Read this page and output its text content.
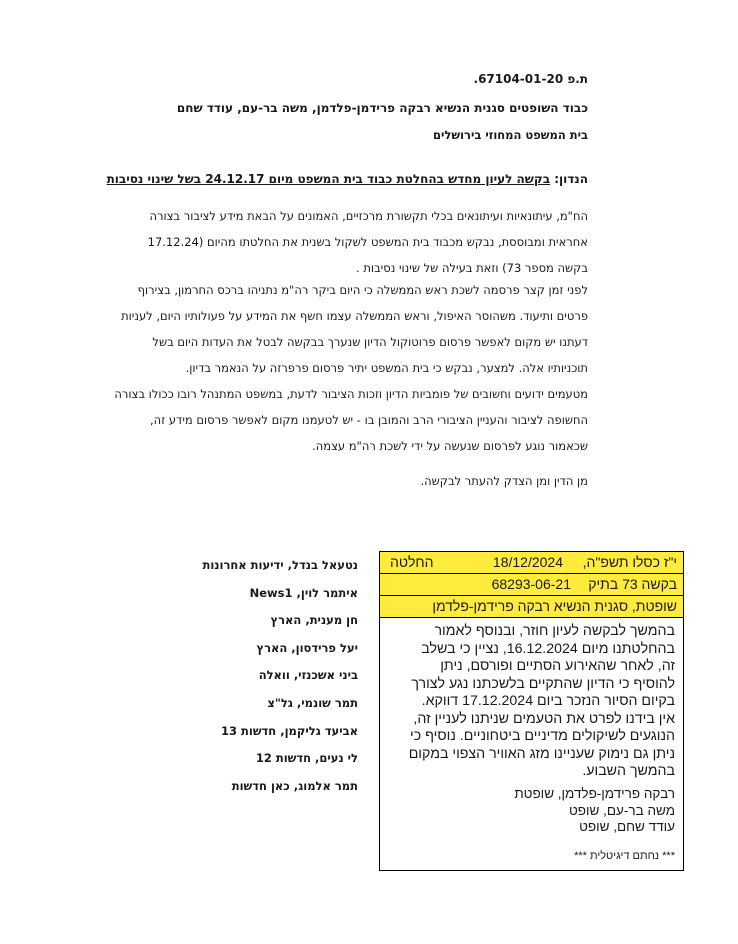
ת.פ 67104-01-20.
כבוד השופטים סגנית הנשיא רבקה פרידמן-פלדמן, משה בר-עם, עודד שחם
בית המשפט המחוזי בירושלים
הנדון: בקשה לעיון מחדש בהחלטת כבוד בית המשפט מיום 24.12.17 בשל שינוי נסיבות
הח"מ, עיתונאיות ועיתונאים בכלי תקשורת מרכזיים, האמונים על הבאת מידע לציבור בצורה
אחראית ומבוססת, נבקש מכבוד בית המשפט לשקול בשנית את החלטתו מהיום (17.12.24
בקשה מספר 73) וזאת בעילה של שינוי נסיבות .
לפני זמן קצר פרסמה לשכת ראש הממשלה כי היום ביקר רה"מ נתניהו ברכס החרמון, בצירוף
פרטים ותיעוד. משהוסר האיפול, וראש הממשלה עצמו חשף את המידע על פעולותיו היום, לעניות
דעתנו יש מקום לאפשר פרסום פרוטוקול הדיון שנערך בבקשה לבטל את העדות היום בשל
תוכניותיו אלה. למצער, נבקש כי בית המשפט יתיר פרסום פרפרזה על הנאמר בדיון.
מטעמים ידועים וחשובים של פומביות הדיון וזכות הציבור לדעת, במשפט המתנהל רובו ככולו בצורה
החשופה לציבור והעניין הציבורי הרב והמובן בו - יש לטעמנו מקום לאפשר פרסום מידע זה,
שכאמור נוגע לפרסום שנעשה על ידי לשכת רה"מ עצמה.
מן הדין ומן הצדק להעתר לבקשה.
נטעאל בנדל, ידיעות אחרונות
איתמר לוין, News1
חן מענית, הארץ
יעל פרידסון, הארץ
ביני אשכנזי, וואלה
תמר שונמי, גל"צ
אביעד גליקמן, חדשות 13
לי נעים, חדשות 12
תמר אלמוג, כאן חדשות
י"ז כסלו תשפ"ה,
18/12/2024
החלטה
בקשה 73 בתיק
68293-06-21
שופטת, סגנית הנשיא רבקה פרידמן-פלדמן
בהמשך לבקשה לעיון חוזר, ובנוסף לאמור
בהחלטתנו מיום 16.12.2024, נציין כי בשלב
זה, לאחר שהאירוע הסתיים ופורסם, ניתן
להוסיף כי הדיון שהתקיים בלשכתנו נגע לצורך
בקיום הסיור הנזכר ביום 17.12.2024 דווקא.
אין בידנו לפרט את הטעמים שניתנו לעניין זה,
הנוגעים לשיקולים מדיניים ביטחוניים. נוסיף כי
ניתן גם נימוק שעניינו מזג האוויר הצפוי במקום
בהמשך השבוע.
רבקה פרידמן-פלדמן, שופטת
משה בר-עם, שופט
עודד שחם, שופט
*** נחתם דיגיטלית ***
